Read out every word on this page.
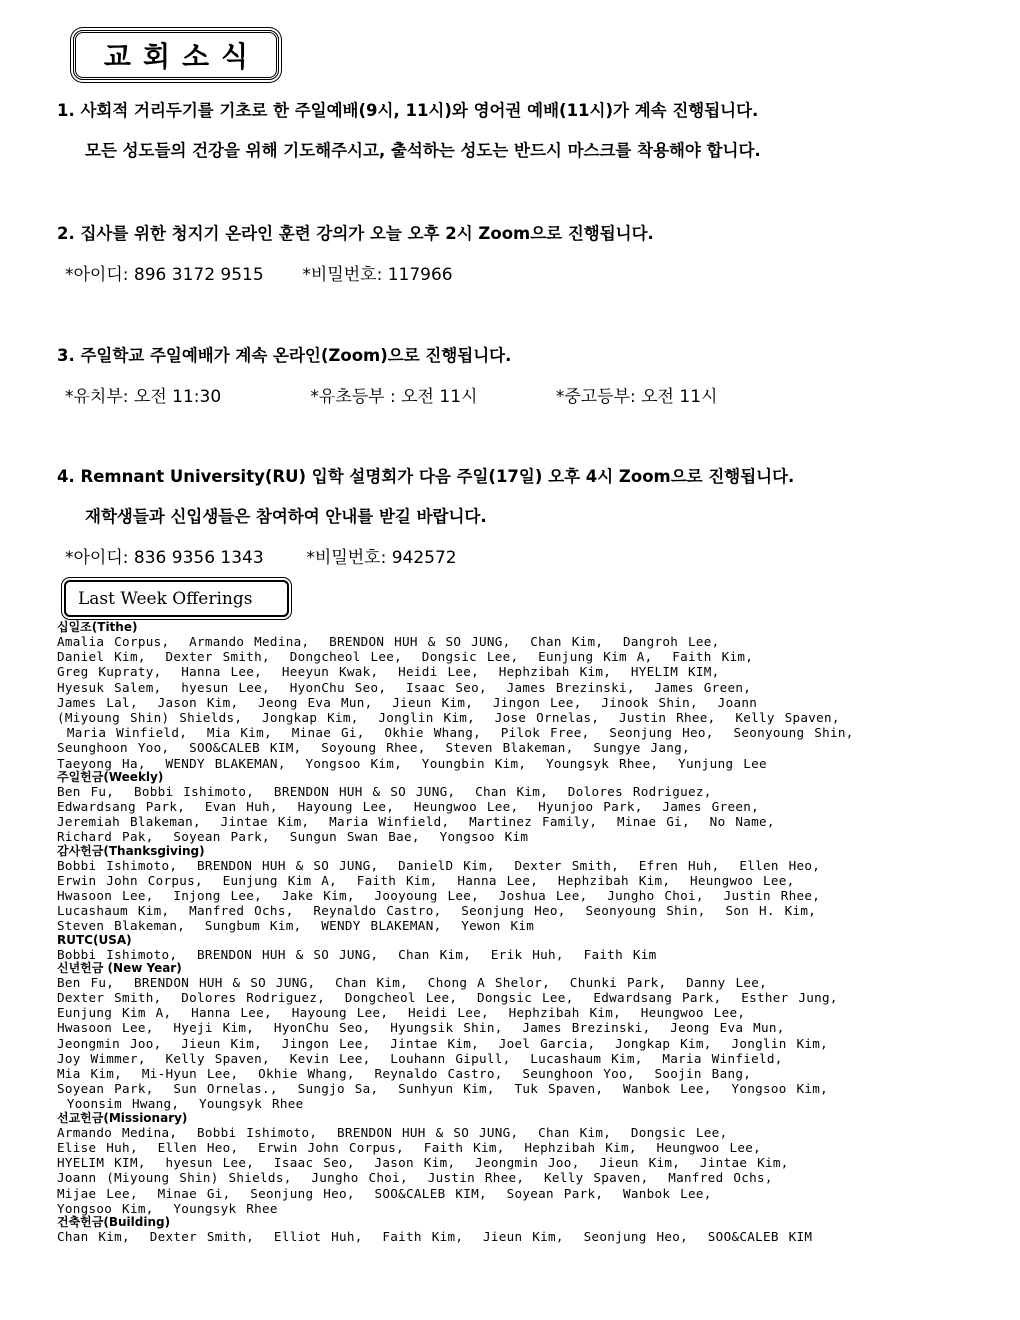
교회소식
1. 사회적 거리두기를 기초로 한 주일예배(9시, 11시)와 영어권 예배(11시)가 계속 진행됩니다.
모든 성도들의 건강을 위해 기도해주시고, 출석하는 성도는 반드시 마스크를 착용해야 합니다.
2. 집사를 위한 청지기 온라인 훈련 강의가 오늘 오후 2시 Zoom으로 진행됩니다.
*아이디: 896 3172 9515 *비밀번호: 117966
3. 주일학교 주일예배가 계속 온라인(Zoom)으로 진행됩니다.
*유치부: 오전 11:30	*유초등부 : 오전 11시	*중고등부: 오전 11시
4. Remnant University(RU) 입학 설명회가 다음 주일(17일) 오후 4시 Zoom으로 진행됩니다.
재학생들과 신입생들은 참여하여 안내를 받길 바랍니다.
*아이디: 836 9356 1343	*비밀번호: 942572
Last Week Offerings
십일조(Tithe)
Amalia Corpus,  Armando Medina,  BRENDON HUH & SO JUNG,  Chan Kim,  Dangroh Lee,
Daniel Kim,  Dexter Smith,  Dongcheol Lee,  Dongsic Lee,  Eunjung Kim A,  Faith Kim,
Greg Kupraty,  Hanna Lee,  Heeyun Kwak,  Heidi Lee,  Hephzibah Kim,  HYELIM KIM,
Hyesuk Salem,  hyesun Lee,  HyonChu Seo,  Isaac Seo,  James Brezinski,  James Green,
James Lal,  Jason Kim,  Jeong Eva Mun,  Jieun Kim,  Jingon Lee,  Jinook Shin,  Joann
(Miyoung Shin) Shields,  Jongkap Kim,  Jonglin Kim,  Jose Ornelas,  Justin Rhee,  Kelly Spaven,
Maria Winfield,  Mia Kim,  Minae Gi,  Okhie Whang,  Pilok Free,  Seonjung Heo,  Seonyoung Shin,
Seunghoon Yoo,  SOO&CALEB KIM,  Soyoung Rhee,  Steven Blakeman,  Sungye Jang,
Taeyong Ha,  WENDY BLAKEMAN,  Yongsoo Kim,  Youngbin Kim,  Youngsyk Rhee,  Yunjung Lee
주일헌금(Weekly)
Ben Fu,  Bobbi Ishimoto,  BRENDON HUH & SO JUNG,  Chan Kim,  Dolores Rodriguez,
Edwardsang Park,  Evan Huh,  Hayoung Lee,  Heungwoo Lee,  Hyunjoo Park,  James Green,
Jeremiah Blakeman,  Jintae Kim,  Maria Winfield,  Martinez Family,  Minae Gi,  No Name,
Richard Pak,  Soyean Park,  Sungun Swan Bae,  Yongsoo Kim
감사헌금(Thanksgiving)
Bobbi Ishimoto,  BRENDON HUH & SO JUNG,  DanielD Kim,  Dexter Smith,  Efren Huh,  Ellen Heo,
Erwin John Corpus,  Eunjung Kim A,  Faith Kim,  Hanna Lee,  Hephzibah Kim,  Heungwoo Lee,
Hwasoon Lee,  Injong Lee,  Jake Kim,  Jooyoung Lee,  Joshua Lee,  Jungho Choi,  Justin Rhee,
Lucashaum Kim,  Manfred Ochs,  Reynaldo Castro,  Seonjung Heo,  Seonyoung Shin,  Son H. Kim,
Steven Blakeman,  Sungbum Kim,  WENDY BLAKEMAN,  Yewon Kim
RUTC(USA)
Bobbi Ishimoto,  BRENDON HUH & SO JUNG,  Chan Kim,  Erik Huh,  Faith Kim
신년헌금 (New Year)
Ben Fu,  BRENDON HUH & SO JUNG,  Chan Kim,  Chong A Shelor,  Chunki Park,  Danny Lee,
Dexter Smith,  Dolores Rodriguez,  Dongcheol Lee,  Dongsic Lee,  Edwardsang Park,  Esther Jung,
Eunjung Kim A,  Hanna Lee,  Hayoung Lee,  Heidi Lee,  Hephzibah Kim,  Heungwoo Lee,
Hwasoon Lee,  Hyeji Kim,  HyonChu Seo,  Hyungsik Shin,  James Brezinski,  Jeong Eva Mun,
Jeongmin Joo,  Jieun Kim,  Jingon Lee,  Jintae Kim,  Joel Garcia,  Jongkap Kim,  Jonglin Kim,
Joy Wimmer,  Kelly Spaven,  Kevin Lee,  Louhann Gipull,  Lucashaum Kim,  Maria Winfield,
Mia Kim,  Mi-Hyun Lee,  Okhie Whang,  Reynaldo Castro,  Seunghoon Yoo,  Soojin Bang,
Soyean Park,  Sun Ornelas.,  Sungjo Sa,  Sunhyun Kim,  Tuk Spaven,  Wanbok Lee,  Yongsoo Kim,
Yoonsim Hwang,  Youngsyk Rhee
선교헌금(Missionary)
Armando Medina,  Bobbi Ishimoto,  BRENDON HUH & SO JUNG,  Chan Kim,  Dongsic Lee,
Elise Huh,  Ellen Heo,  Erwin John Corpus,  Faith Kim,  Hephzibah Kim,  Heungwoo Lee,
HYELIM KIM,  hyesun Lee,  Isaac Seo,  Jason Kim,  Jeongmin Joo,  Jieun Kim,  Jintae Kim,
Joann (Miyoung Shin) Shields,  Jungho Choi,  Justin Rhee,  Kelly Spaven,  Manfred Ochs,
Mijae Lee,  Minae Gi,  Seonjung Heo,  SOO&CALEB KIM,  Soyean Park,  Wanbok Lee,
Yongsoo Kim,  Youngsyk Rhee
건축헌금(Building)
Chan Kim,  Dexter Smith,  Elliot Huh,  Faith Kim,  Jieun Kim,  Seonjung Heo,  SOO&CALEB KIM
